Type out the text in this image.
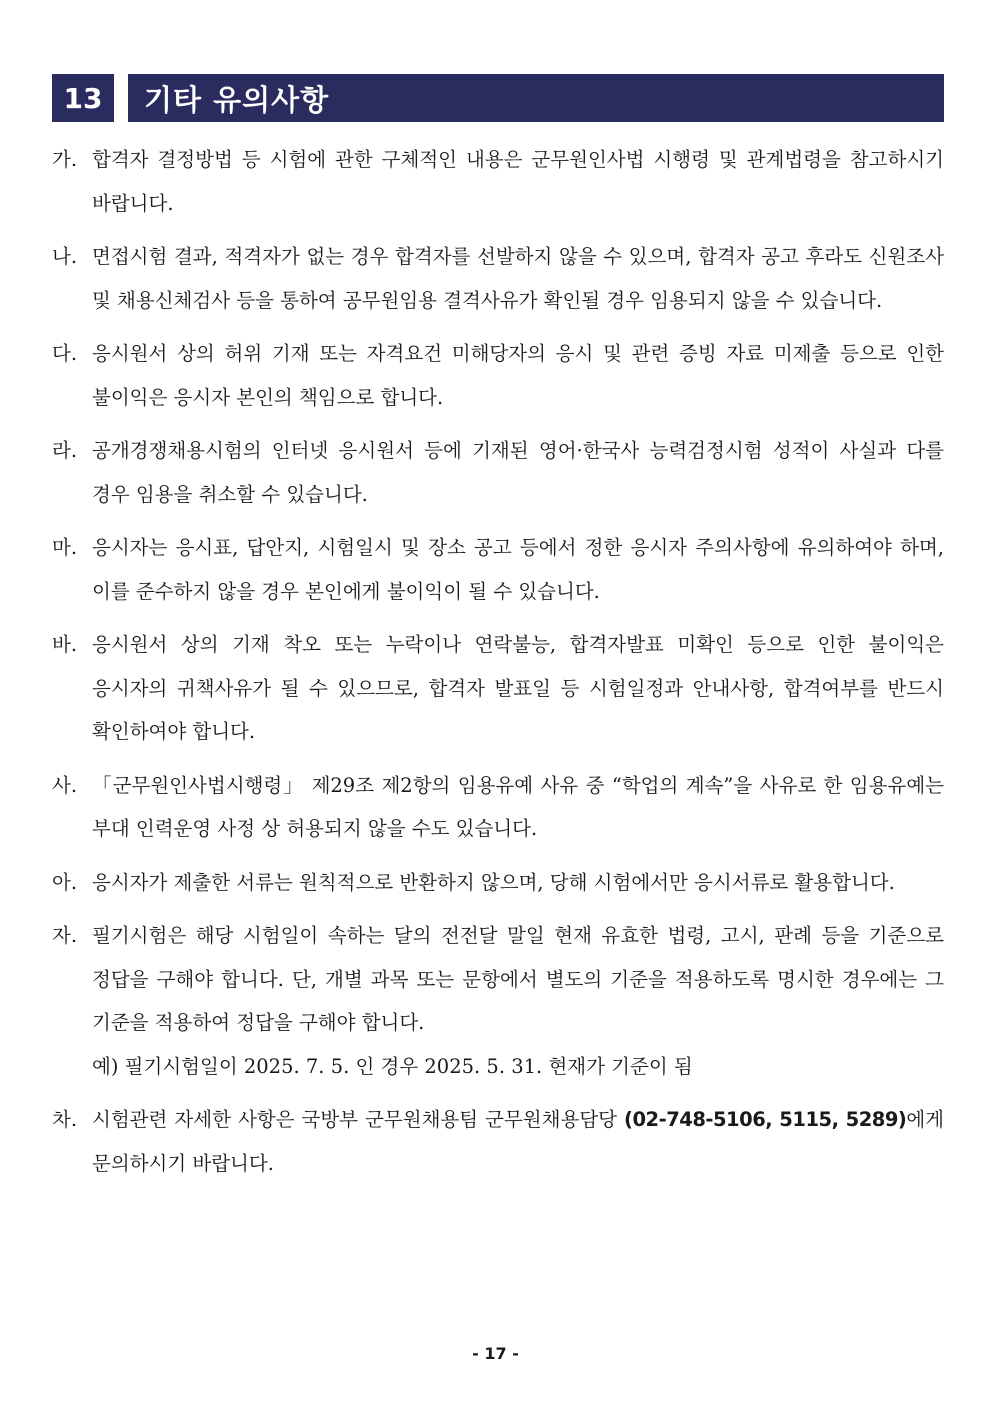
13	기타 유의사항
가. 합격자 결정방법 등 시험에 관한 구체적인 내용은 군무원인사법 시행령 및 관계법령을 참고하시기 바랍니다.
나. 면접시험 결과, 적격자가 없는 경우 합격자를 선발하지 않을 수 있으며, 합격자 공고 후라도 신원조사 및 채용신체검사 등을 통하여 공무원임용 결격사유가 확인될 경우 임용되지 않을 수 있습니다.
다. 응시원서 상의 허위 기재 또는 자격요건 미해당자의 응시 및 관련 증빙 자료 미제출 등으로 인한 불이익은 응시자 본인의 책임으로 합니다.
라. 공개경쟁채용시험의 인터넷 응시원서 등에 기재된 영어·한국사 능력검정시험 성적이 사실과 다를 경우 임용을 취소할 수 있습니다.
마. 응시자는 응시표, 답안지, 시험일시 및 장소 공고 등에서 정한 응시자 주의사항에 유의하여야 하며, 이를 준수하지 않을 경우 본인에게 불이익이 될 수 있습니다.
바. 응시원서 상의 기재 착오 또는 누락이나 연락불능, 합격자발표 미확인 등으로 인한 불이익은 응시자의 귀책사유가 될 수 있으므로, 합격자 발표일 등 시험일정과 안내사항, 합격여부를 반드시 확인하여야 합니다.
사. 「군무원인사법시행령」 제29조 제2항의 임용유예 사유 중 “학업의 계속”을 사유로 한 임용유예는 부대 인력운영 사정 상 허용되지 않을 수도 있습니다.
아. 응시자가 제출한 서류는 원칙적으로 반환하지 않으며, 당해 시험에서만 응시서류로 활용합니다.
자. 필기시험은 해당 시험일이 속하는 달의 전전달 말일 현재 유효한 법령, 고시, 판례 등을 기준으로 정답을 구해야 합니다. 단, 개별 과목 또는 문항에서 별도의 기준을 적용하도록 명시한 경우에는 그 기준을 적용하여 정답을 구해야 합니다.
예) 필기시험일이 2025. 7. 5. 인 경우 2025. 5. 31. 현재가 기준이 됨
차. 시험관련 자세한 사항은 국방부 군무원채용팀 군무원채용담당 (02-748-5106, 5115, 5289)에게 문의하시기 바랍니다.
- 17 -
